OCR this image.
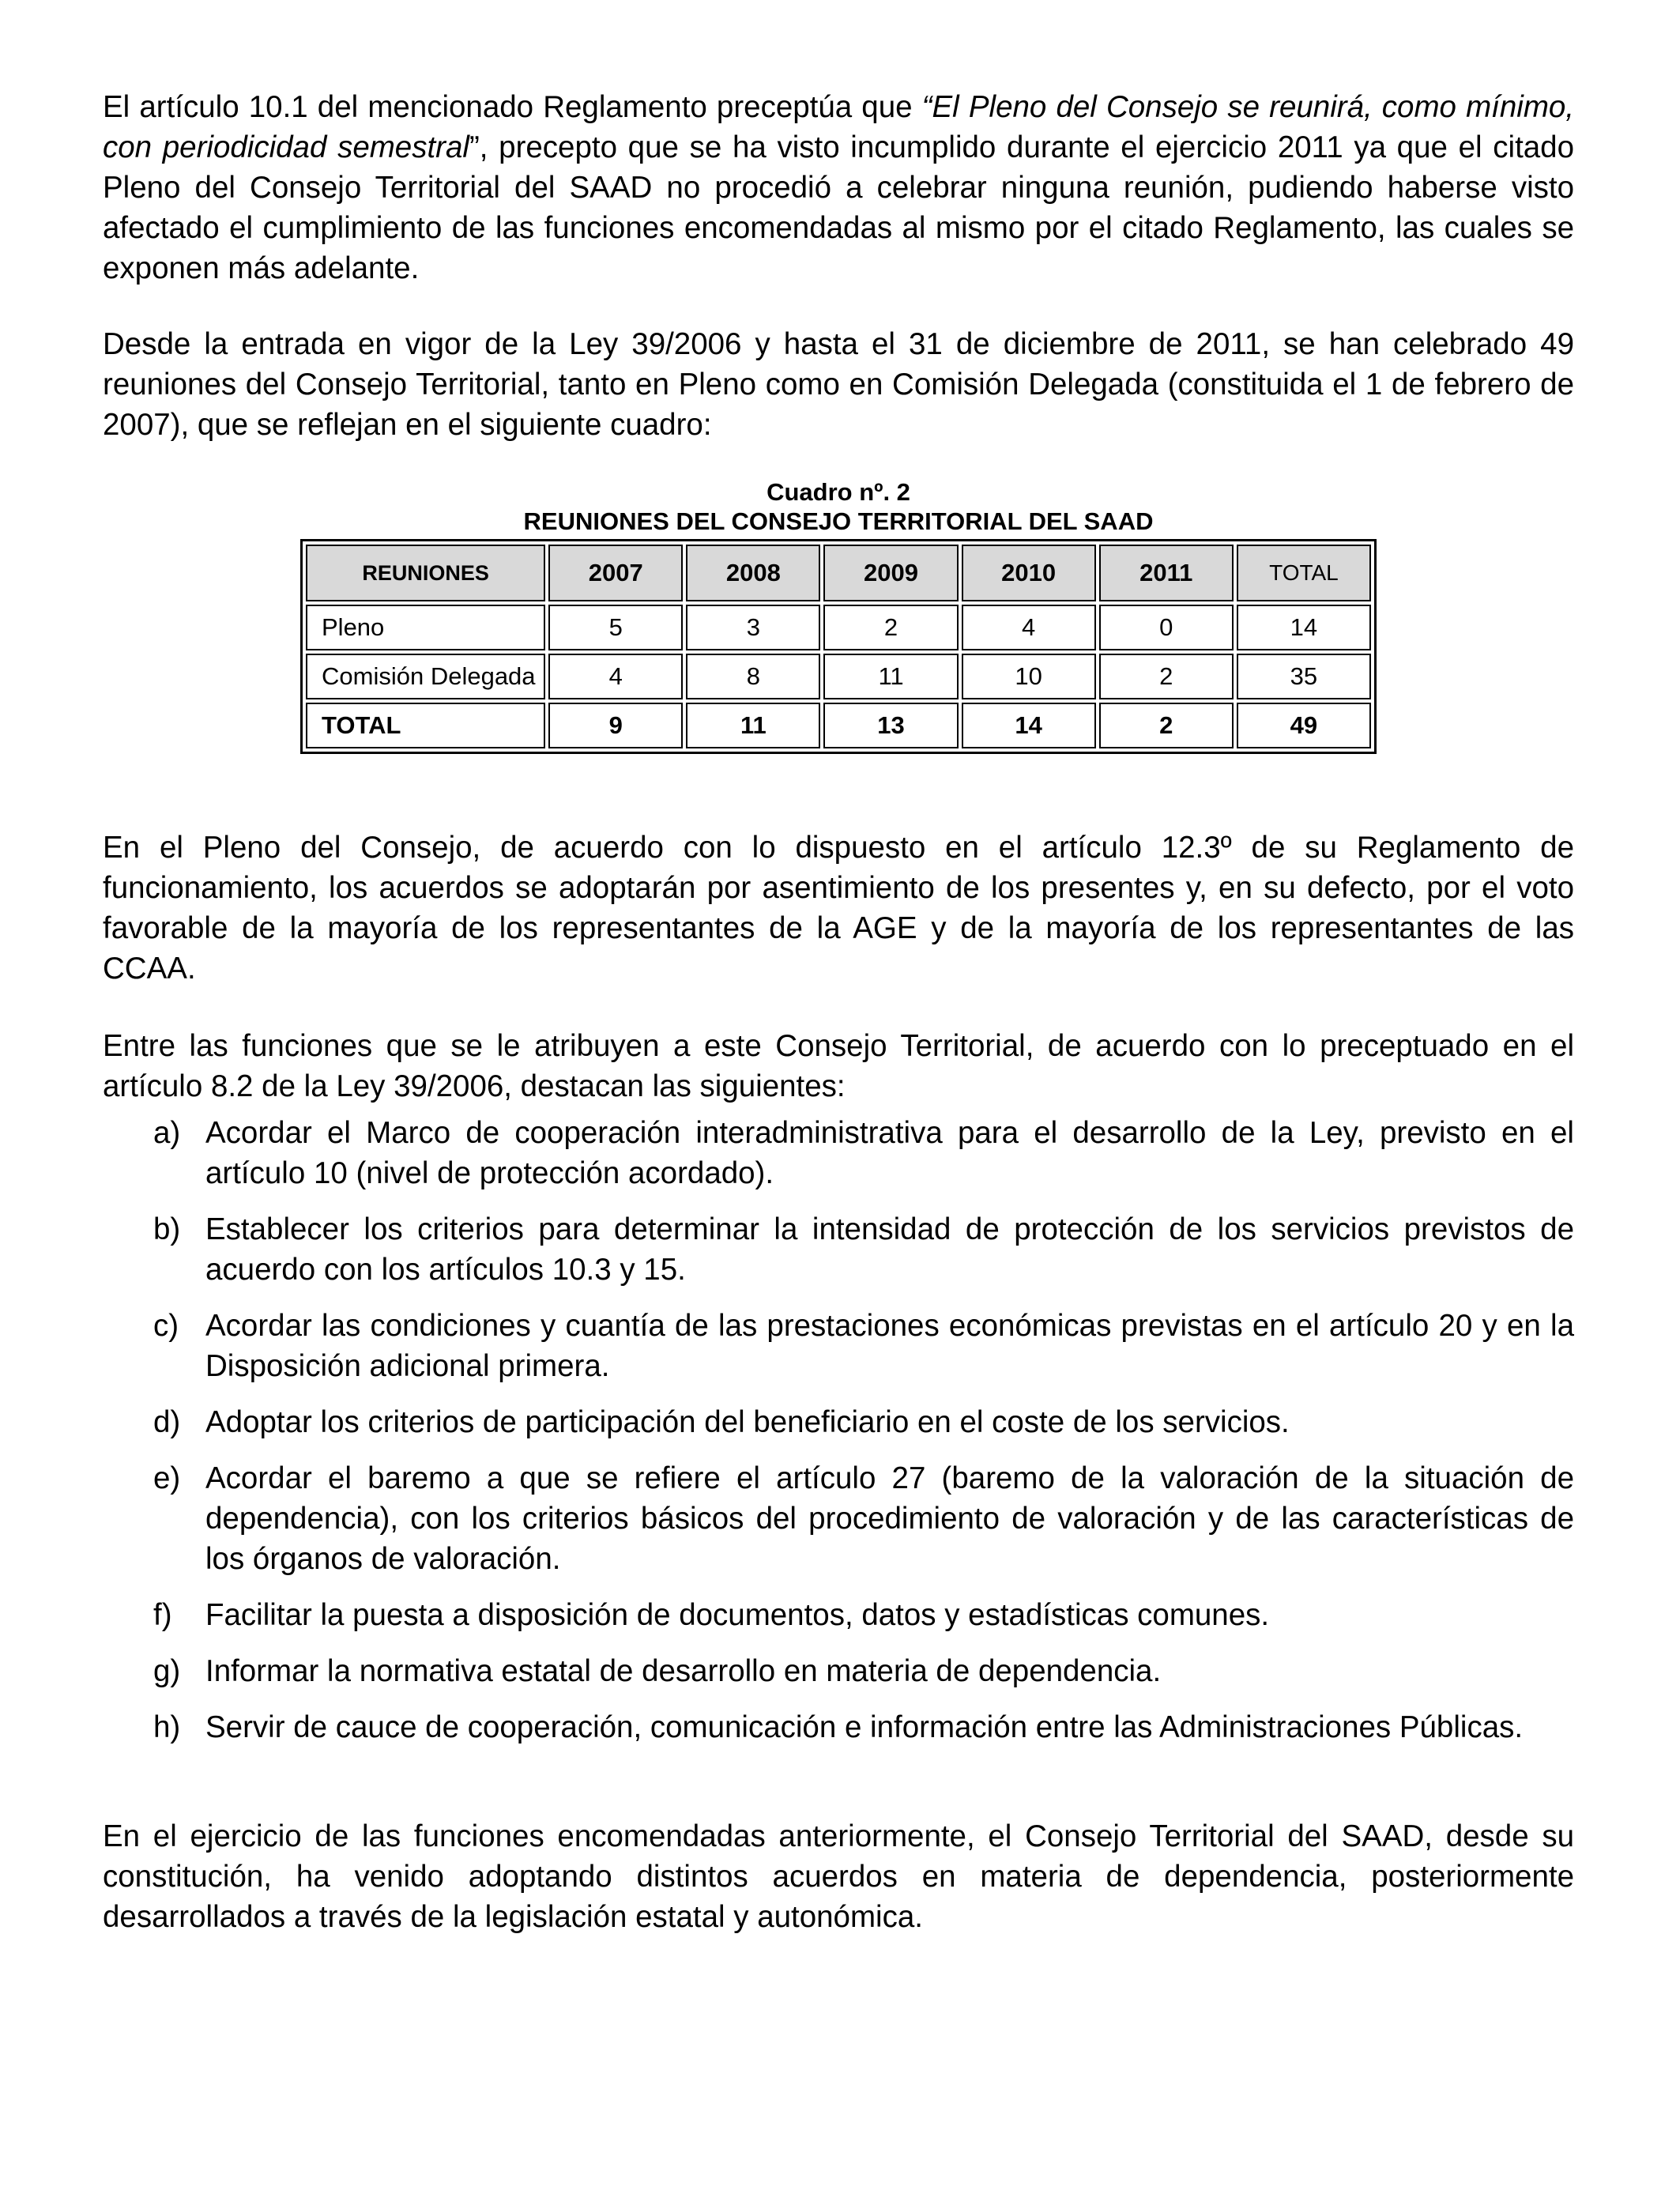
El artículo 10.1 del mencionado Reglamento preceptúa que “El Pleno del Consejo se reunirá, como mínimo, con periodicidad semestral”, precepto que se ha visto incumplido durante el ejercicio 2011 ya que el citado Pleno del Consejo Territorial del SAAD no procedió a celebrar ninguna reunión, pudiendo haberse visto afectado el cumplimiento de las funciones encomendadas al mismo por el citado Reglamento, las cuales se exponen más adelante.

Desde la entrada en vigor de la Ley 39/2006 y hasta el 31 de diciembre de 2011, se han celebrado 49 reuniones del Consejo Territorial, tanto en Pleno como en Comisión Delegada (constituida el 1 de febrero de 2007), que se reflejan en el siguiente cuadro:

Cuadro nº. 2
REUNIONES DEL CONSEJO TERRITORIAL DEL SAAD
REUNIONES	2007	2008	2009	2010	2011	TOTAL
Pleno	5	3	2	4	0	14
Comisión Delegada	4	8	11	10	2	35
TOTAL	9	11	13	14	2	49

En el Pleno del Consejo, de acuerdo con lo dispuesto en el artículo 12.3º de su Reglamento de funcionamiento, los acuerdos se adoptarán por asentimiento de los presentes y, en su defecto, por el voto favorable de la mayoría de los representantes de la AGE y de la mayoría de los representantes de las CCAA.

Entre las funciones que se le atribuyen a este Consejo Territorial, de acuerdo con lo preceptuado en el artículo 8.2 de la Ley 39/2006, destacan las siguientes:

a) Acordar el Marco de cooperación interadministrativa para el desarrollo de la Ley, previsto en el artículo 10 (nivel de protección acordado).

b) Establecer los criterios para determinar la intensidad de protección de los servicios previstos de acuerdo con los artículos 10.3 y 15.

c) Acordar las condiciones y cuantía de las prestaciones económicas previstas en el artículo 20 y en la Disposición adicional primera.

d) Adoptar los criterios de participación del beneficiario en el coste de los servicios.

e) Acordar el baremo a que se refiere el artículo 27 (baremo de la valoración de la situación de dependencia), con los criterios básicos del procedimiento de valoración y de las características de los órganos de valoración.

f) Facilitar la puesta a disposición de documentos, datos y estadísticas comunes.

g) Informar la normativa estatal de desarrollo en materia de dependencia.

h) Servir de cauce de cooperación, comunicación e información entre las Administraciones Públicas.

En el ejercicio de las funciones encomendadas anteriormente, el Consejo Territorial del SAAD, desde su constitución, ha venido adoptando distintos acuerdos en materia de dependencia, posteriormente desarrollados a través de la legislación estatal y autonómica.
